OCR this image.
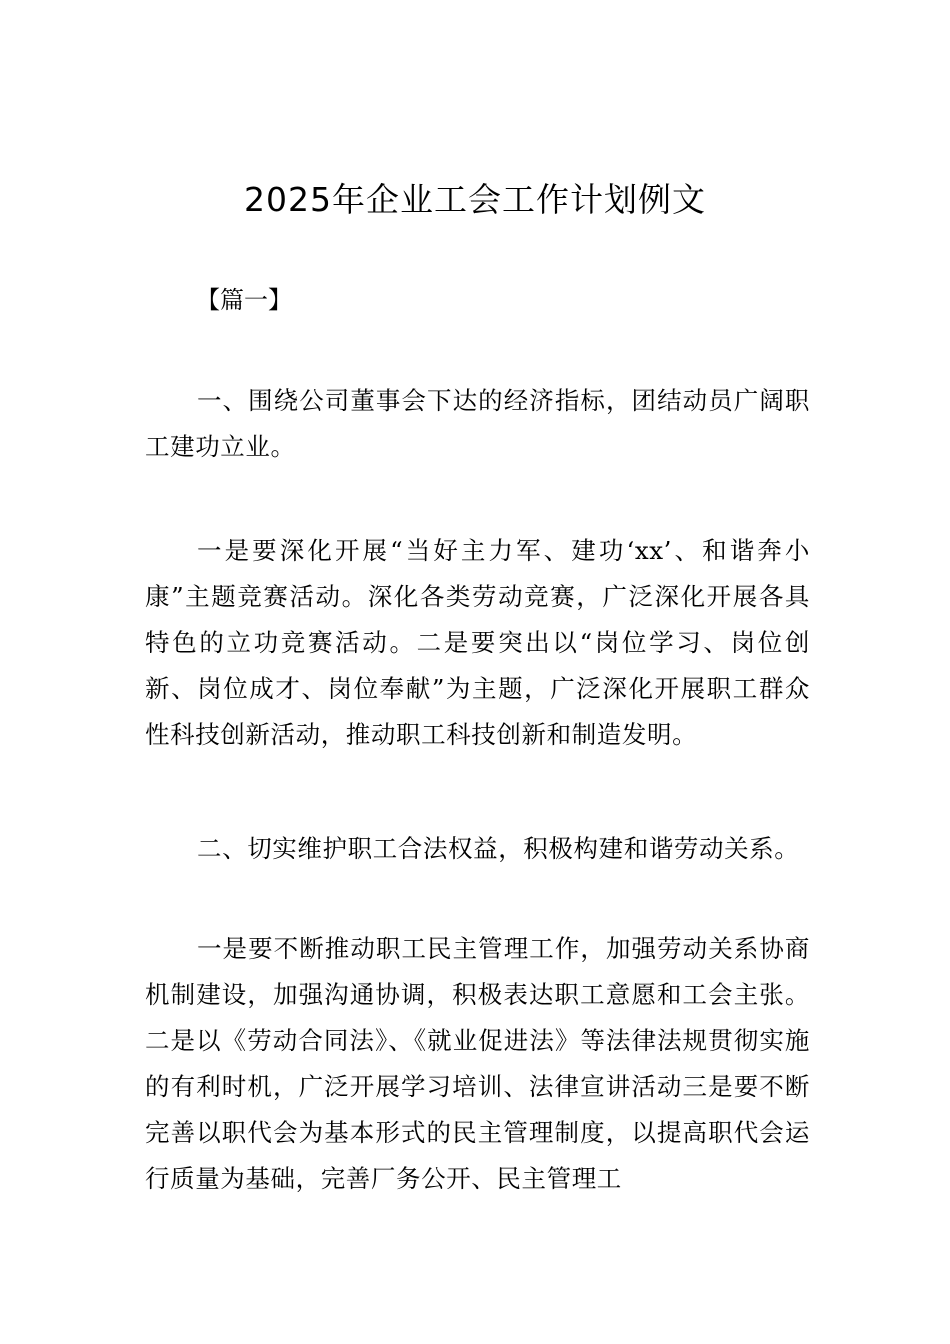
2025年企业工会工作计划例文

【篇一】

一、围绕公司董事会下达的经济指标，团结动员广阔职工建功立业。

一是要深化开展“当好主力军、建功‘xx’、和谐奔小康”主题竞赛活动。深化各类劳动竞赛，广泛深化开展各具特色的立功竞赛活动。二是要突出以“岗位学习、岗位创新、岗位成才、岗位奉献”为主题，广泛深化开展职工群众性科技创新活动，推动职工科技创新和制造发明。

二、切实维护职工合法权益，积极构建和谐劳动关系。

一是要不断推动职工民主管理工作，加强劳动关系协商机制建设，加强沟通协调，积极表达职工意愿和工会主张。二是以《劳动合同法》、《就业促进法》等法律法规贯彻实施的有利时机，广泛开展学习培训、法律宣讲活动三是要不断完善以职代会为基本形式的民主管理制度，以提高职代会运行质量为基础，完善厂务公开、民主管理工
